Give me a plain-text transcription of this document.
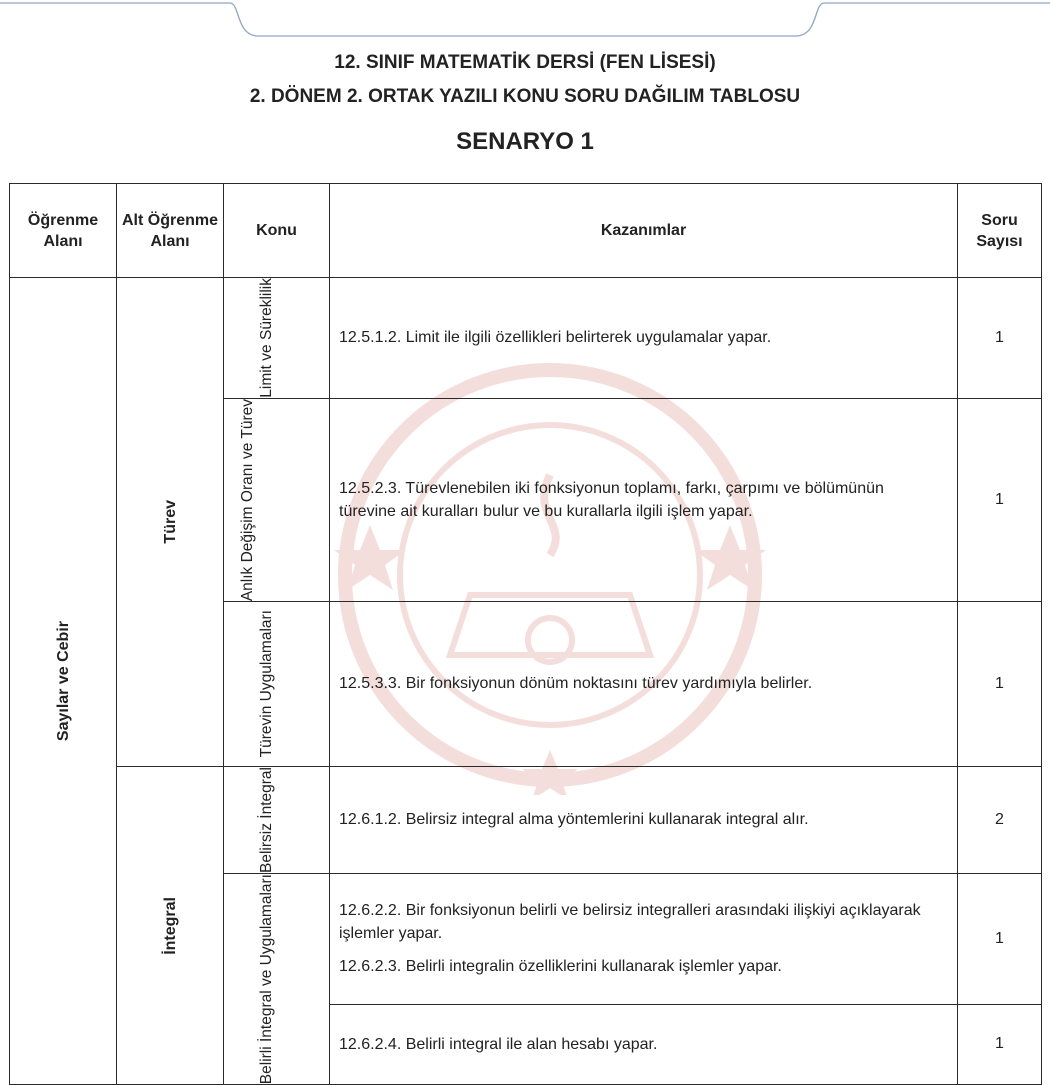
12. SINIF MATEMATİK DERSİ (FEN LİSESİ)
2. DÖNEM 2. ORTAK YAZILI KONU SORU DAĞILIM TABLOSU
SENARYO 1
Öğrenme Alanı	Alt Öğrenme Alanı	Konu	Kazanımlar	Soru Sayısı

Sayılar ve Cebir	Türev	Limit ve Süreklilik	12.5.1.2. Limit ile ilgili özellikleri belirterek uygulamalar yapar.	1

		Anlık Değişim Oranı ve Türev	12.5.2.3. Türevlenebilen iki fonksiyonun toplamı, farkı, çarpımı ve bölümünün türevine ait kuralları bulur ve bu kurallarla ilgili işlem yapar.	1

		Türevin Uygulamaları	12.5.3.3. Bir fonksiyonun dönüm noktasını türev yardımıyla belirler.	1

	İntegral	Belirsiz İntegral	12.6.1.2. Belirsiz integral alma yöntemlerini kullanarak integral alır.	2

		Belirli İntegral ve Uygulamaları	12.6.2.2. Bir fonksiyonun belirli ve belirsiz integralleri arasındaki ilişkiyi açıklayarak işlemler yapar.
12.6.2.3. Belirli integralin özelliklerini kullanarak işlemler yapar.	1

			12.6.2.4. Belirli integral ile alan hesabı yapar.	1
